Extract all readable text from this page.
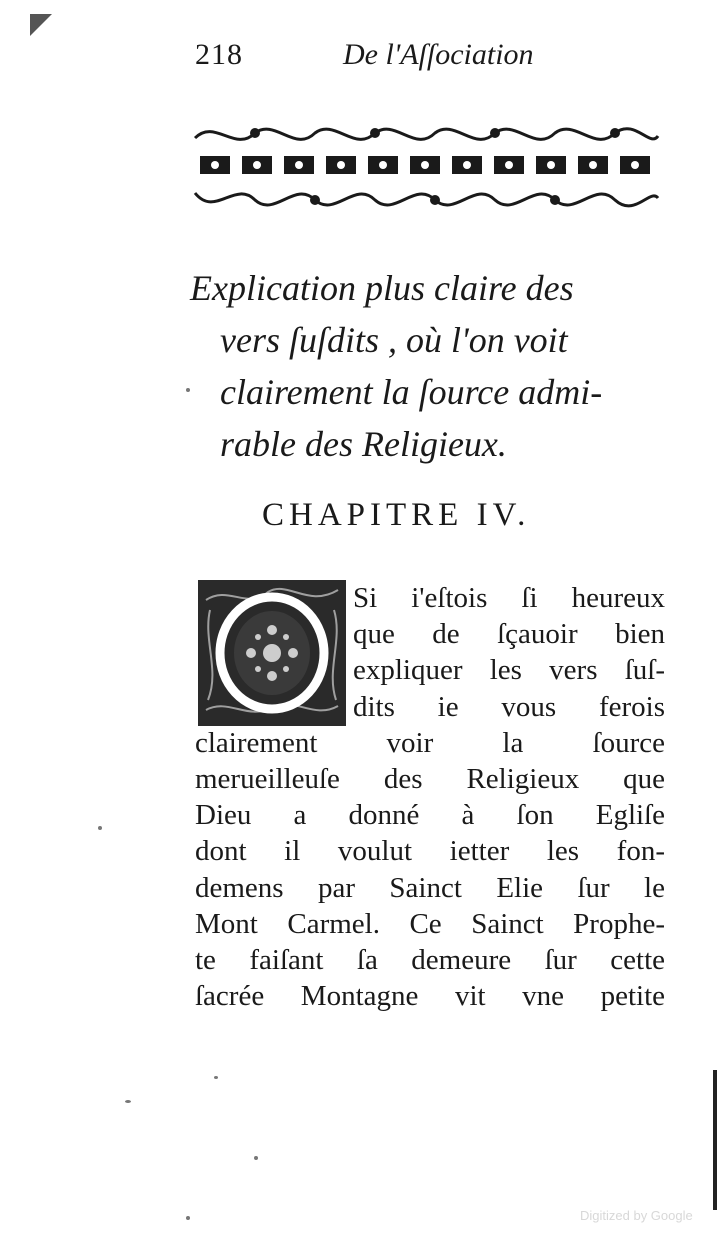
218	De l'Aſſociation
Explication plus claire des
vers ſuſdits , où l'on voit
clairement la ſource admi-
rable des Religieux.
CHAPITRE IV.
Si i'eſtois ſi heureux
que de ſçauoir bien
expliquer les vers ſuſ-
dits ie vous ferois
clairement voir la ſource
merueilleuſe des Religieux que
Dieu a donné à ſon Egliſe
dont il voulut ietter les fon-
demens par Sainct Elie ſur le
Mont Carmel. Ce Sainct Prophe-
te faiſant ſa demeure ſur cette
ſacrée Montagne vit vne petite
Digitized by Google
